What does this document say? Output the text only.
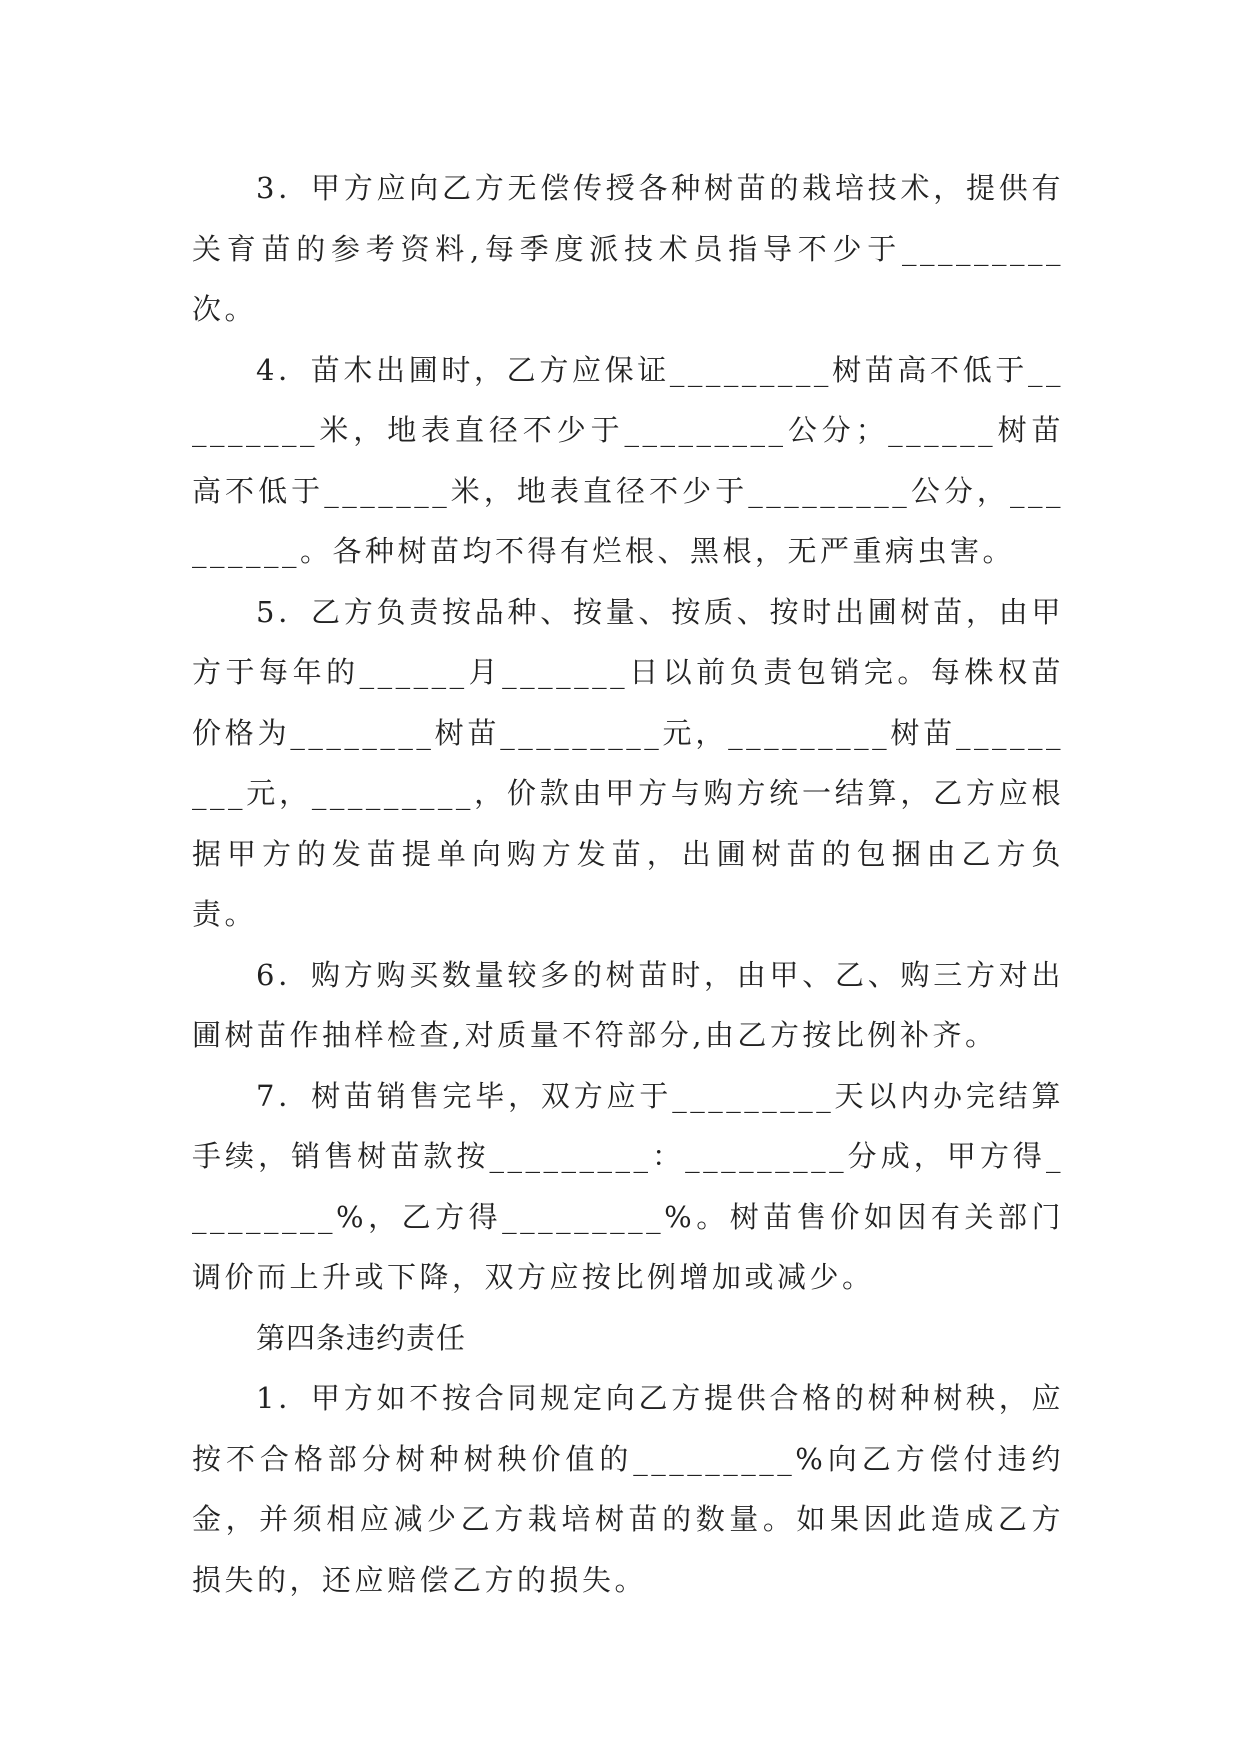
3．甲方应向乙方无偿传授各种树苗的栽培技术，提供有关育苗的参考资料,每季度派技术员指导不少于_________次。

4．苗木出圃时，乙方应保证_________树苗高不低于_________米，地表直径不少于_________公分；______树苗高不低于_______米，地表直径不少于_________公分，_________。各种树苗均不得有烂根、黑根，无严重病虫害。

5．乙方负责按品种、按量、按质、按时出圃树苗，由甲方于每年的______月_______日以前负责包销完。每株权苗价格为________树苗_________元，_________树苗_________元，_________，价款由甲方与购方统一结算，乙方应根据甲方的发苗提单向购方发苗，出圃树苗的包捆由乙方负责。

6．购方购买数量较多的树苗时，由甲、乙、购三方对出圃树苗作抽样检查,对质量不符部分,由乙方按比例补齐。

7．树苗销售完毕，双方应于_________天以内办完结算手续，销售树苗款按_________：_________分成，甲方得_________%，乙方得_________%。树苗售价如因有关部门调价而上升或下降，双方应按比例增加或减少。

第四条违约责任

1．甲方如不按合同规定向乙方提供合格的树种树秧，应按不合格部分树种树秧价值的_________%向乙方偿付违约金，并须相应减少乙方栽培树苗的数量。如果因此造成乙方损失的，还应赔偿乙方的损失。
